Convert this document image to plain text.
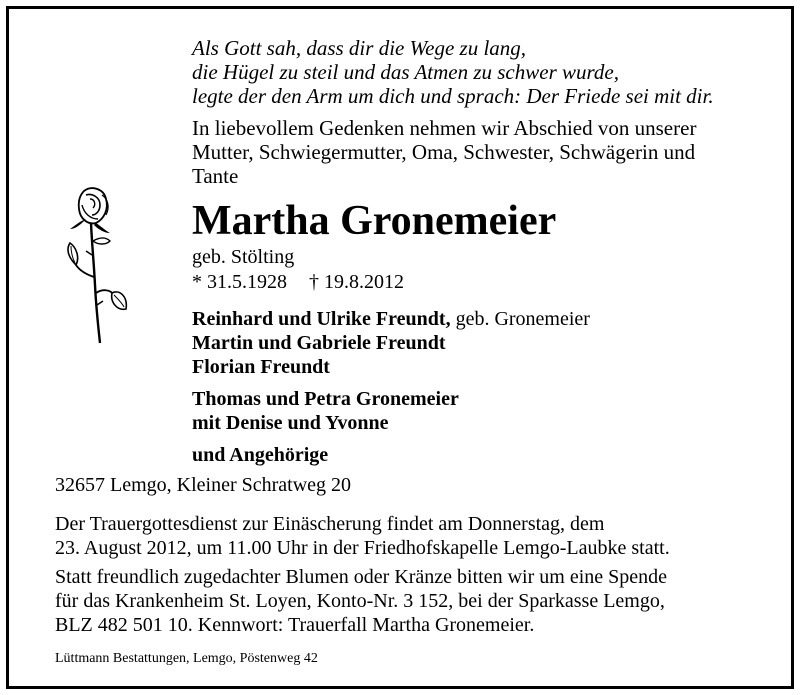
Als Gott sah, dass dir die Wege zu lang,
die Hügel zu steil und das Atmen zu schwer wurde,
legte der den Arm um dich und sprach: Der Friede sei mit dir.
In liebevollem Gedenken nehmen wir Abschied von unserer
Mutter, Schwiegermutter, Oma, Schwester, Schwägerin und
Tante
Martha Gronemeier
geb. Stölting
* 31.5.1928 † 19.8.2012
Reinhard und Ulrike Freundt, geb. Gronemeier
Martin und Gabriele Freundt
Florian Freundt
Thomas und Petra Gronemeier
mit Denise und Yvonne
und Angehörige
32657 Lemgo, Kleiner Schratweg 20
Der Trauergottesdienst zur Einäscherung findet am Donnerstag, dem
23. August 2012, um 11.00 Uhr in der Friedhofskapelle Lemgo-Laubke statt.
Statt freundlich zugedachter Blumen oder Kränze bitten wir um eine Spende
für das Krankenheim St. Loyen, Konto-Nr. 3 152, bei der Sparkasse Lemgo,
BLZ 482 501 10. Kennwort: Trauerfall Martha Gronemeier.
Lüttmann Bestattungen, Lemgo, Pöstenweg 42
